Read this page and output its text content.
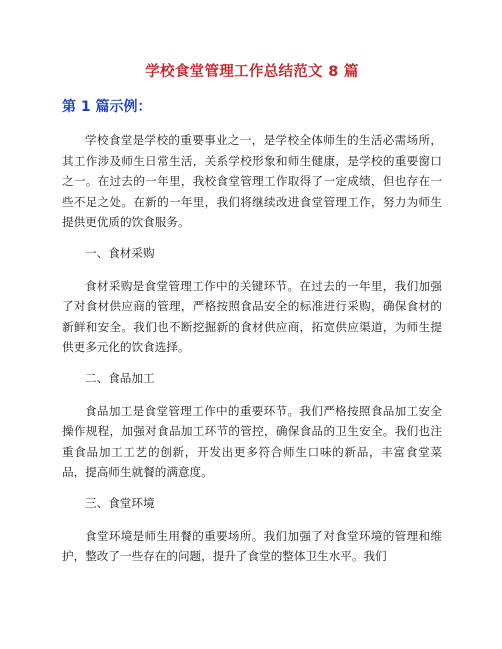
学校食堂管理工作总结范文 8 篇
第 1 篇示例：

学校食堂是学校的重要事业之一，是学校全体师生的生活必需场所，其工作涉及师生日常生活，关系学校形象和师生健康，是学校的重要窗口之一。在过去的一年里，我校食堂管理工作取得了一定成绩，但也存在一些不足之处。在新的一年里，我们将继续改进食堂管理工作，努力为师生提供更优质的饮食服务。

一、食材采购

食材采购是食堂管理工作中的关键环节。在过去的一年里，我们加强了对食材供应商的管理，严格按照食品安全的标准进行采购，确保食材的新鲜和安全。我们也不断挖掘新的食材供应商，拓宽供应渠道，为师生提供更多元化的饮食选择。

二、食品加工

食品加工是食堂管理工作中的重要环节。我们严格按照食品加工安全操作规程，加强对食品加工环节的管控，确保食品的卫生安全。我们也注重食品加工工艺的创新，开发出更多符合师生口味的新品，丰富食堂菜品，提高师生就餐的满意度。

三、食堂环境

食堂环境是师生用餐的重要场所。我们加强了对食堂环境的管理和维护，整改了一些存在的问题，提升了食堂的整体卫生水平。我们
